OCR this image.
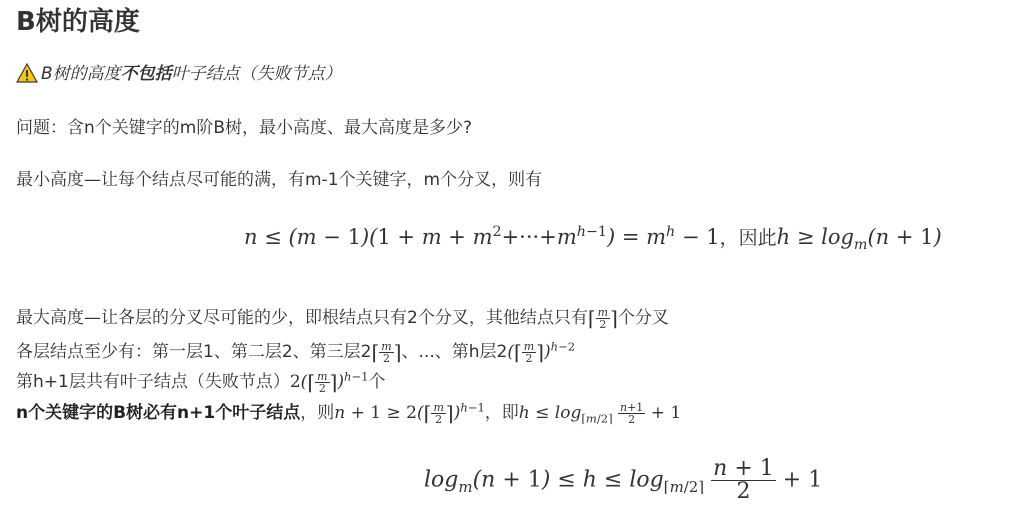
B树的高度
B树的高度不包括叶子结点（失败节点）
问题：含n个关键字的m阶B树，最小高度、最大高度是多少?
最小高度—让每个结点尽可能的满，有m-1个关键字，m个分叉，则有
$n \le (m - 1)(1 + m + m^2+\cdot\cdot\cdot+m^{h-1}) = m^h - 1$，因此$h \ge \log_m(n + 1)$
最大高度—让各层的分叉尽可能的少，即根结点只有2个分叉，其他结点只有⌈ $\frac{m}{2}$ ⌉个分叉
各层结点至少有：第一层1、第二层2、第三层2⌈ $\frac{m}{2}$ ⌉、...、第h层2(⌈ $\frac{m}{2}$ ⌉)$^{h-2}$
第h+1层共有叶子结点（失败节点）2(⌈ $\frac{m}{2}$ ⌉)$^{h-1}$个
n个关键字的B树必有n+1个叶子结点，则n + 1 ≥ 2(⌈ $\frac{m}{2}$ ⌉)$^{h-1}$，即$h \le \log_{⌈m/2⌉} \frac{n+1}{2} + 1$
$\log_m(n + 1) \le h \le \log_{⌈m/2⌉} \frac{n + 1}{2} + 1$
